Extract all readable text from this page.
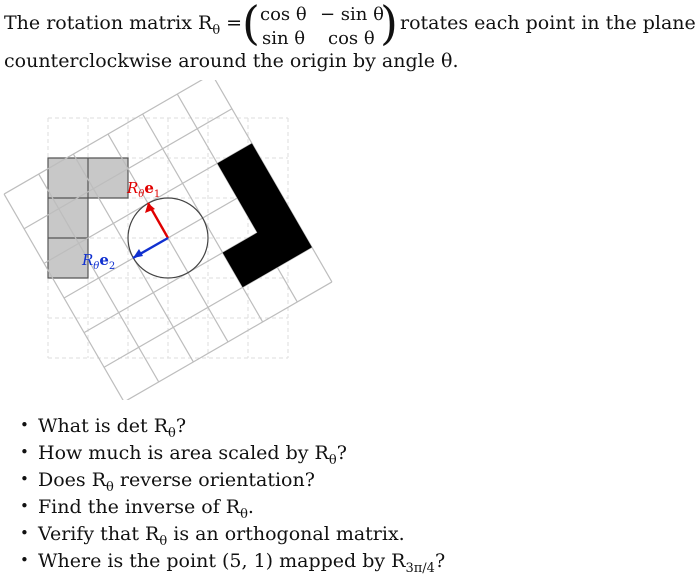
The rotation matrix $R_\theta$ = ( cos θ − sin θ
sin θ cos θ ) rotates each point in the plane
counterclockwise around the origin by angle θ.
$R_\theta e_1$
$R_\theta e_2$
• What is $\det R_\theta$?
• How much is area scaled by $R_\theta$?
• Does $R_\theta$ reverse orientation?
• Find the inverse of $R_\theta$.
• Verify that $R_\theta$ is an orthogonal matrix.
• Where is the point (5, 1) mapped by $R_{3\pi/4}$?
